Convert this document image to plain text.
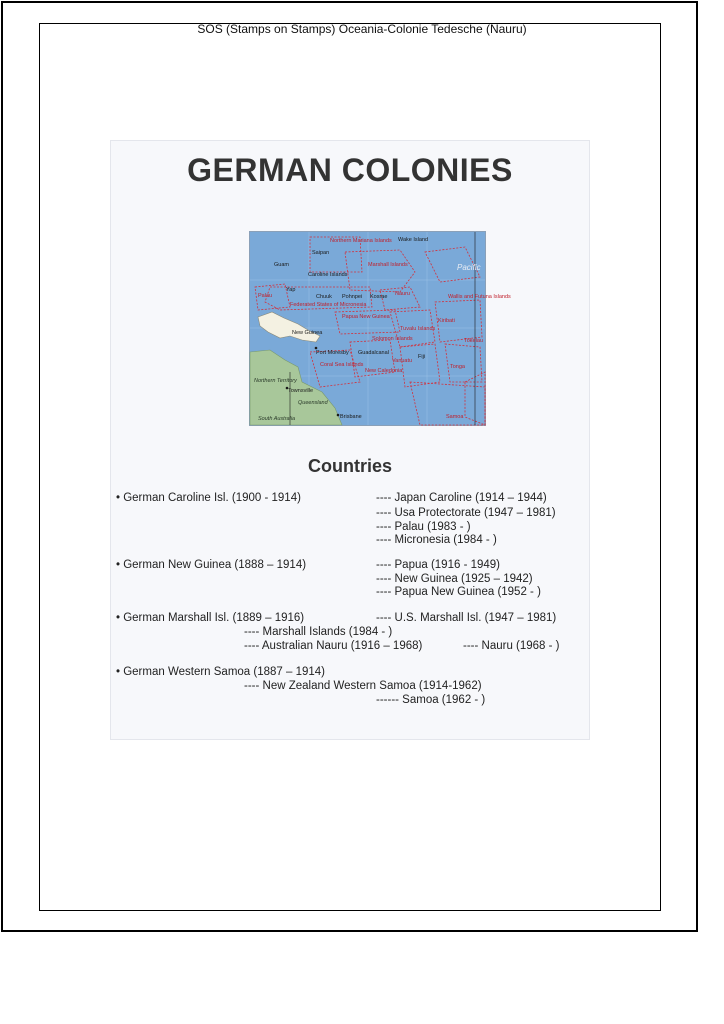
SOS (Stamps on Stamps) Oceania-Colonie Tedesche (Nauru)
GERMAN COLONIES
Wake Island
Northern Mariana Islands
Saipan
Guam	Marshall Islands
Caroline Islands
Pacific
Palau
Yap
Nauru	Wallis and Futuna Islands
Chuuk Pohnpei Kosrae
Federated States of Micronesia
Papua New Guinea
New Guinea
Tuvalu Islands
Kiribati
Tokelau
Port Moresby
Solomon Islands
Guadalcanal
Coral Sea Islands
Vanuatu
New Caledonia
Tonga
Fiji
Northern Territory
Townsville
Queensland
Brisbane
South Australia	Samoa
Countries
• German Caroline Isl. (1900 - 1914)	---- Japan Caroline (1914 – 1944)
---- Usa Protectorate (1947 – 1981)
---- Palau (1983 - )
---- Micronesia (1984 - )
• German New Guinea (1888 – 1914)	---- Papua (1916 - 1949)
---- New Guinea (1925 – 1942)
---- Papua New Guinea (1952 - )
• German Marshall Isl. (1889 – 1916)	---- U.S. Marshall Isl. (1947 – 1981)
---- Marshall Islands (1984 - )
---- Australian Nauru (1916 – 1968)	---- Nauru (1968 - )
• German Western Samoa (1887 – 1914)
---- New Zealand Western Samoa (1914-1962)
------ Samoa (1962 - )
